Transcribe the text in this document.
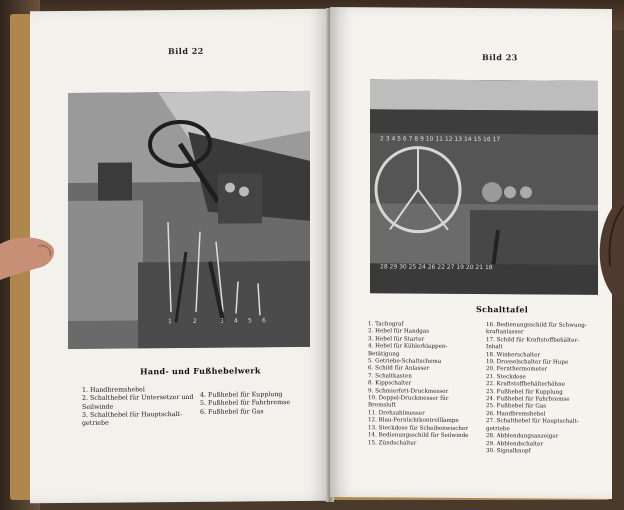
Bild 22
1	2	3 4 5 6
Hand- und Fußhebelwerk
1. Handbremshebel
2. Schalthebel für Untersetzer und
Seilwinde
3. Schalthebel für Hauptschalt-
getriebe
4. Fußhebel für Kupplung
5. Fußhebel für Fahrbremse
6. Fußhebel für Gas
Bild 23
2 3 4 5 6 7 8 9 10 11 12 13 14 15 16 17
28 29 30 25 24 26 22 27 19 20 21 18
Schalttafel
1. Tachograf
2. Hebel für Handgas
3. Hebel für Starter
4. Hebel für Kühlerklappen-
Betätigung
5. Getriebe-Schaltschema
6. Schild für Anlasser
7. Schaltkasten
8. Kippschalter
9. Schmierfett-Druckmesser
10. Doppel-Druckmesser für
Bremsluft
11. Drehzahlmesser
12. Blau-Fernlichtkontrolllampe
13. Steckdose für Scheibenwischer
14. Bedienungsschild für Seilwinde
15. Zündschalter
16. Bedienungsschild für Schwung-
kraftanlasser
17. Schild für Kraftstoffbehälter-
Inhalt
18. Winkerschalter
19. Drosselschalter für Hupe
20. Fernthermometer
21. Steckdose
22. Kraftstoffbehälterhähne
23. Fußhebel für Kupplung
24. Fußhebel für Fahrbremse
25. Fußhebel für Gas
26. Handbremshebel
27. Schalthebel für Hauptschalt-
getriebe
28. Abblendungsanzeiger
29. Abblendschalter
30. Signalknopf
